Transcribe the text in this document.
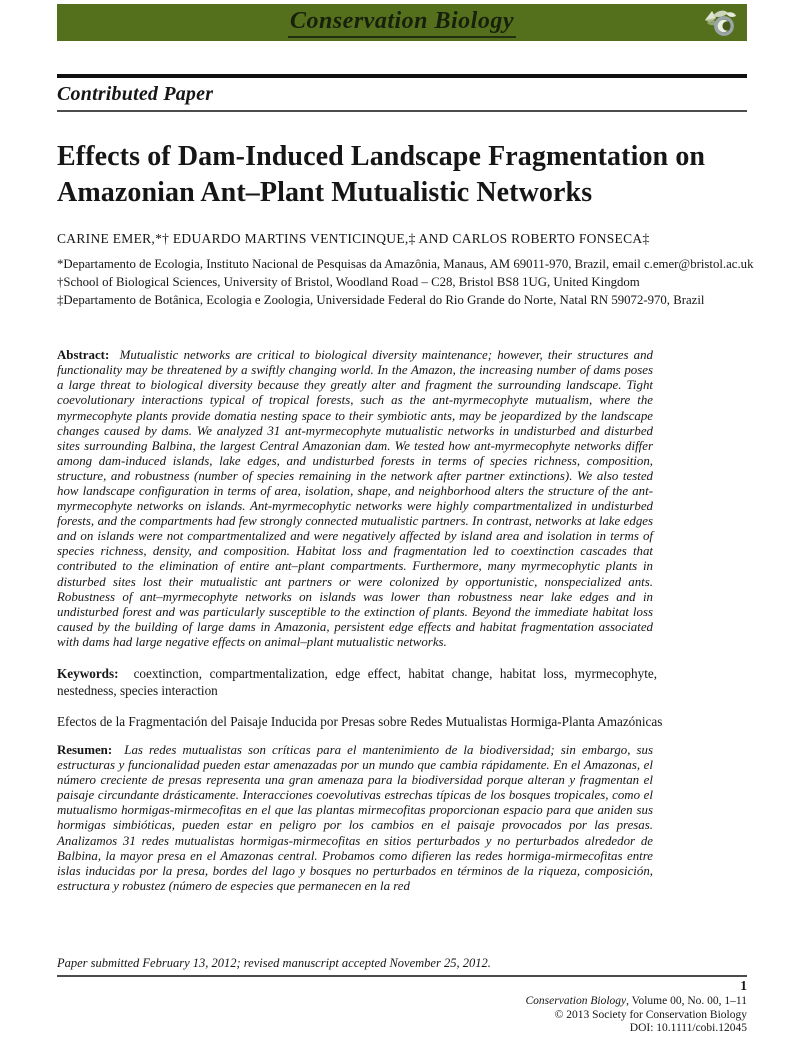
Conservation Biology
Contributed Paper
Effects of Dam-Induced Landscape Fragmentation on Amazonian Ant–Plant Mutualistic Networks
CARINE EMER,*† EDUARDO MARTINS VENTICINQUE,‡ AND CARLOS ROBERTO FONSECA‡
*Departamento de Ecologia, Instituto Nacional de Pesquisas da Amazônia, Manaus, AM 69011-970, Brazil, email c.emer@bristol.ac.uk
†School of Biological Sciences, University of Bristol, Woodland Road – C28, Bristol BS8 1UG, United Kingdom
‡Departamento de Botânica, Ecologia e Zoologia, Universidade Federal do Rio Grande do Norte, Natal RN 59072-970, Brazil

Abstract: Mutualistic networks are critical to biological diversity maintenance; however, their structures and functionality may be threatened by a swiftly changing world. In the Amazon, the increasing number of dams poses a large threat to biological diversity because they greatly alter and fragment the surrounding landscape. Tight coevolutionary interactions typical of tropical forests, such as the ant-myrmecophyte mutualism, where the myrmecophyte plants provide domatia nesting space to their symbiotic ants, may be jeopardized by the landscape changes caused by dams. We analyzed 31 ant-myrmecophyte mutualistic networks in undisturbed and disturbed sites surrounding Balbina, the largest Central Amazonian dam. We tested how ant-myrmecophyte networks differ among dam-induced islands, lake edges, and undisturbed forests in terms of species richness, composition, structure, and robustness (number of species remaining in the network after partner extinctions). We also tested how landscape configuration in terms of area, isolation, shape, and neighborhood alters the structure of the ant-myrmecophyte networks on islands. Ant-myrmecophytic networks were highly compartmentalized in undisturbed forests, and the compartments had few strongly connected mutualistic partners. In contrast, networks at lake edges and on islands were not compartmentalized and were negatively affected by island area and isolation in terms of species richness, density, and composition. Habitat loss and fragmentation led to coextinction cascades that contributed to the elimination of entire ant–plant compartments. Furthermore, many myrmecophytic plants in disturbed sites lost their mutualistic ant partners or were colonized by opportunistic, nonspecialized ants. Robustness of ant–myrmecophyte networks on islands was lower than robustness near lake edges and in undisturbed forest and was particularly susceptible to the extinction of plants. Beyond the immediate habitat loss caused by the building of large dams in Amazonia, persistent edge effects and habitat fragmentation associated with dams had large negative effects on animal–plant mutualistic networks.

Keywords: coextinction, compartmentalization, edge effect, habitat change, habitat loss, myrmecophyte, nestedness, species interaction

Efectos de la Fragmentación del Paisaje Inducida por Presas sobre Redes Mutualistas Hormiga-Planta Amazónicas

Resumen: Las redes mutualistas son críticas para el mantenimiento de la biodiversidad; sin embargo, sus estructuras y funcionalidad pueden estar amenazadas por un mundo que cambia rápidamente. En el Amazonas, el número creciente de presas representa una gran amenaza para la biodiversidad porque alteran y fragmentan el paisaje circundante drásticamente. Interacciones coevolutivas estrechas típicas de los bosques tropicales, como el mutualismo hormigas-mirmecofitas en el que las plantas mirmecofitas proporcionan espacio para que aniden sus hormigas simbióticas, pueden estar en peligro por los cambios en el paisaje provocados por las presas. Analizamos 31 redes mutualistas hormigas-mirmecofitas en sitios perturbados y no perturbados alrededor de Balbina, la mayor presa en el Amazonas central. Probamos como difieren las redes hormiga-mirmecofitas entre islas inducidas por la presa, bordes del lago y bosques no perturbados en términos de la riqueza, composición, estructura y robustez (número de especies que permanecen en la red

Paper submitted February 13, 2012; revised manuscript accepted November 25, 2012.
1
Conservation Biology, Volume 00, No. 00, 1–11
© 2013 Society for Conservation Biology
DOI: 10.1111/cobi.12045
